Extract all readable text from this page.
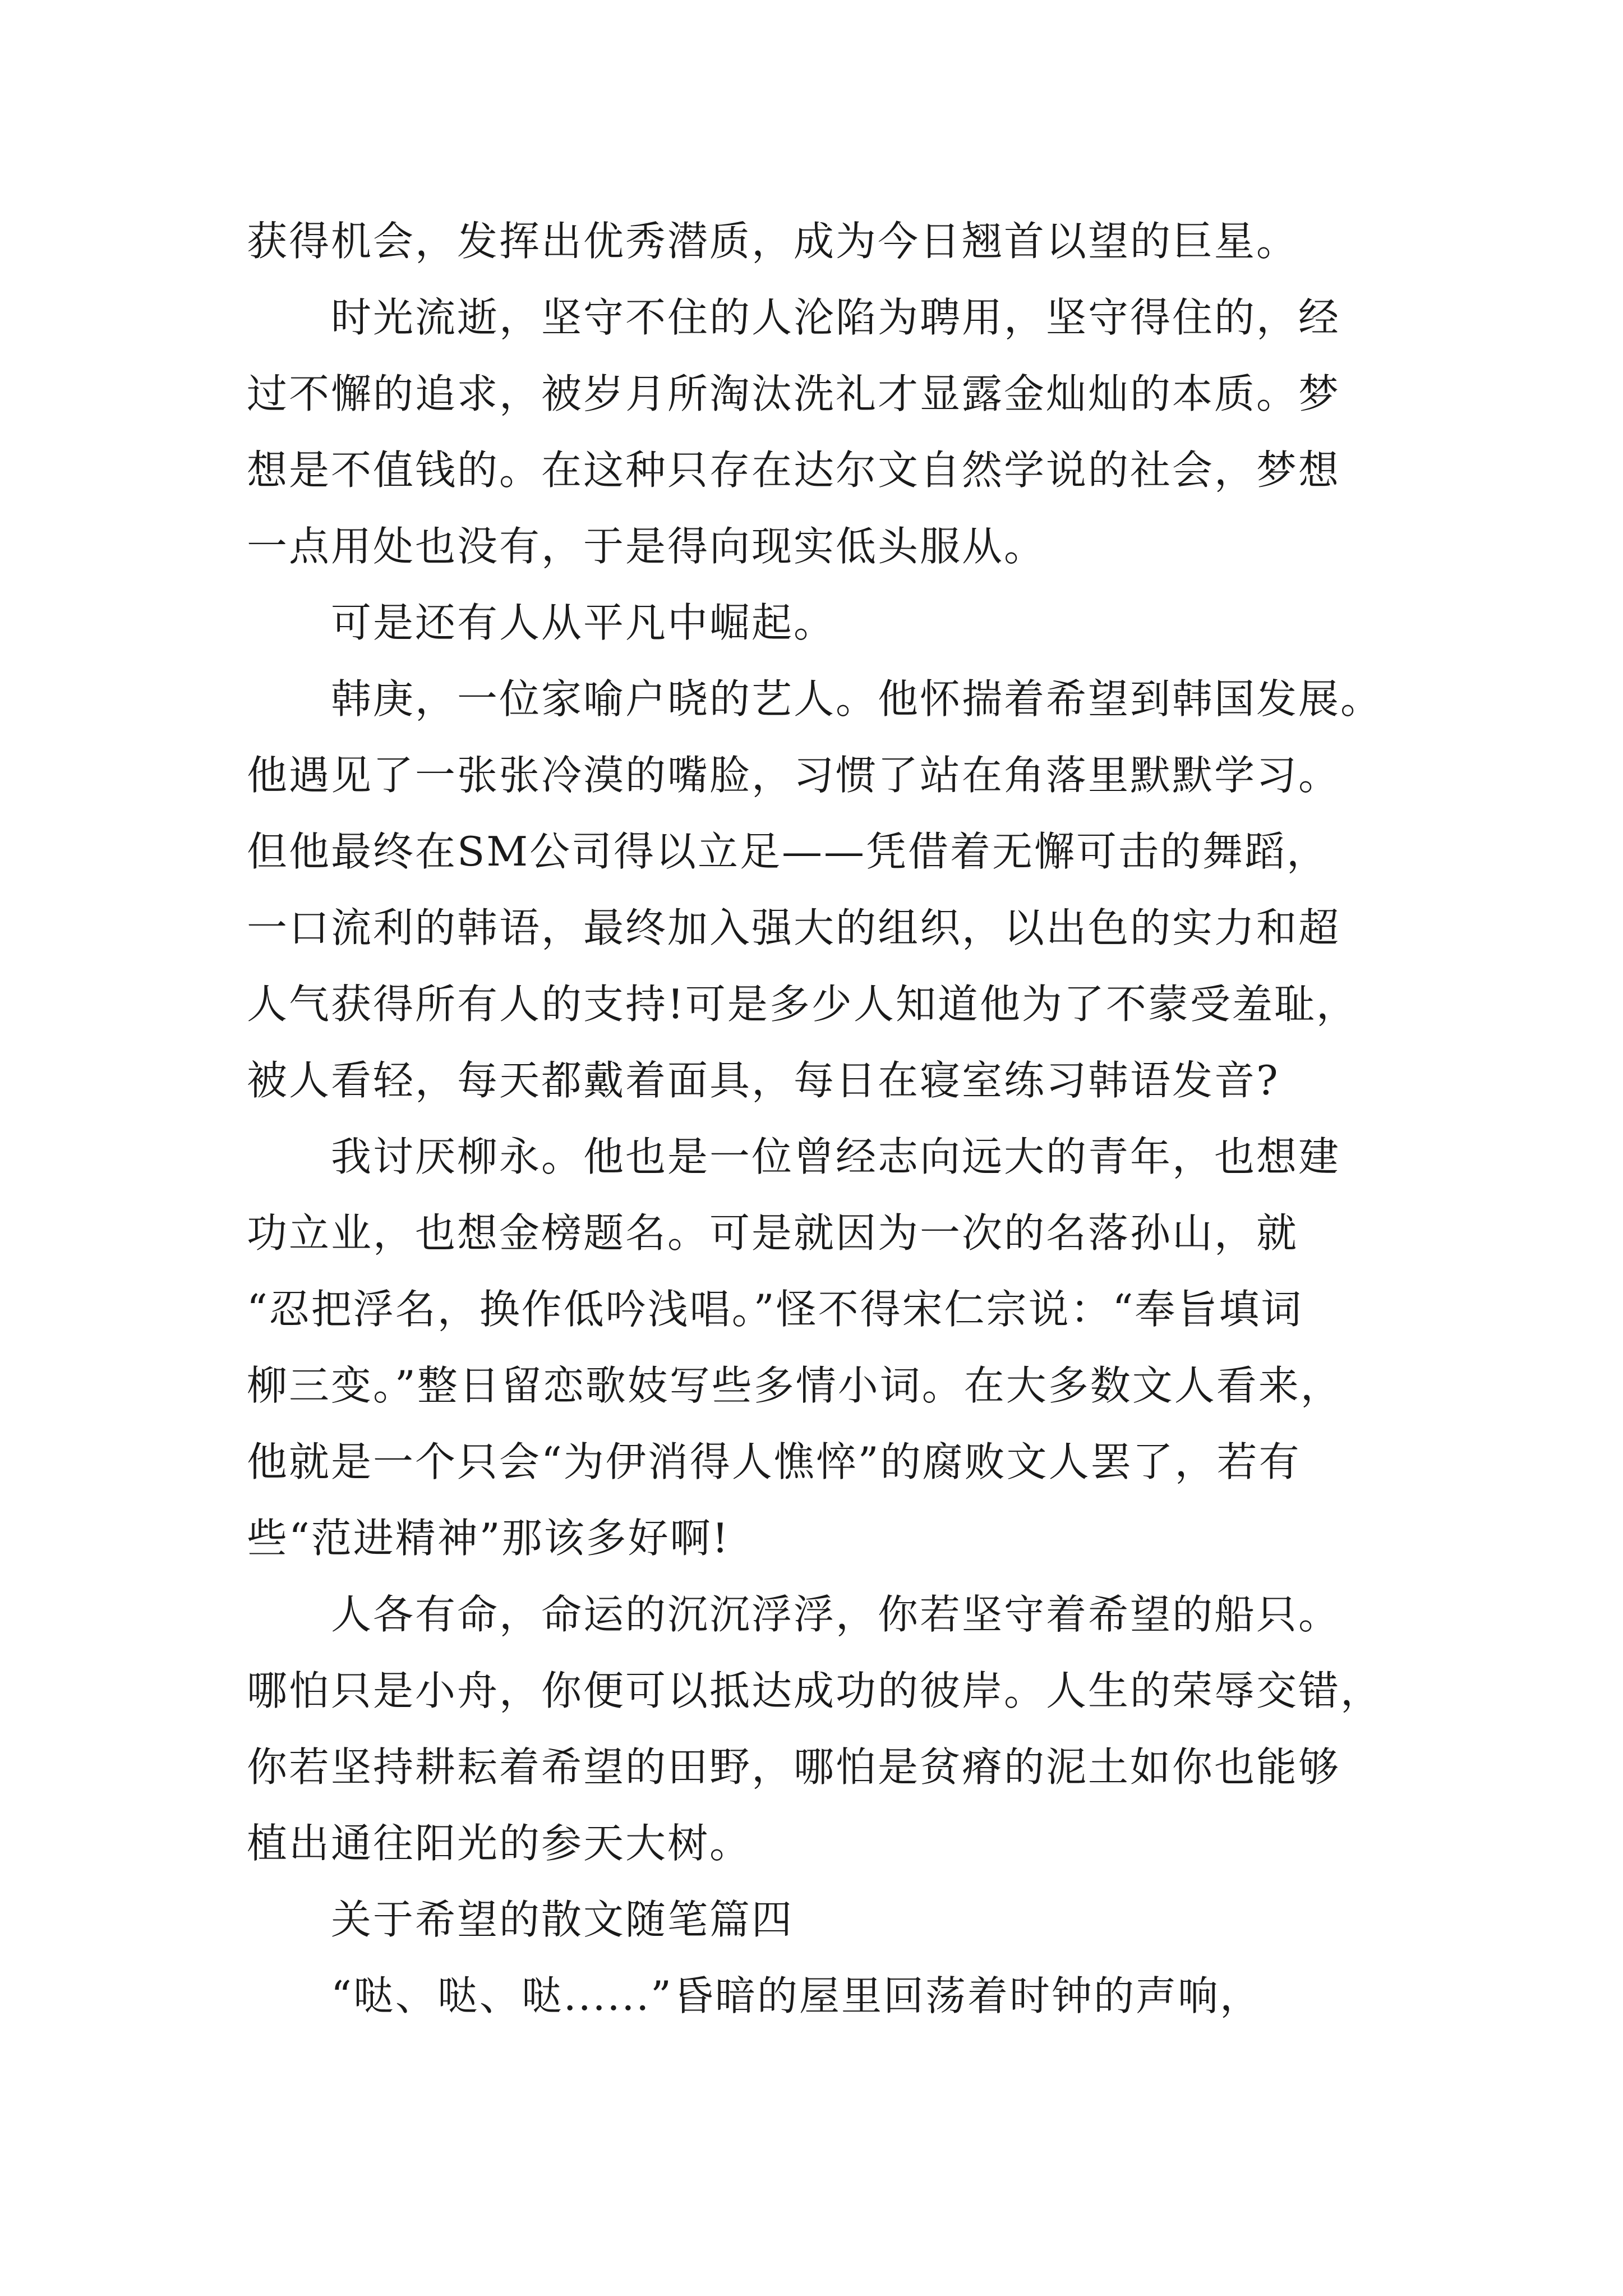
获得机会，发挥出优秀潜质，成为今日翘首以望的巨星。
时光流逝，坚守不住的人沦陷为聘用，坚守得住的，经
过不懈的追求，被岁月所淘汰洗礼才显露金灿灿的本质。梦
想是不值钱的。在这种只存在达尔文自然学说的社会，梦想
一点用处也没有，于是得向现实低头服从。
可是还有人从平凡中崛起。
韩庚，一位家喻户晓的艺人。他怀揣着希望到韩国发展。
他遇见了一张张冷漠的嘴脸，习惯了站在角落里默默学习。
但他最终在SM公司得以立足——凭借着无懈可击的舞蹈，
一口流利的韩语，最终加入强大的组织，以出色的实力和超
人气获得所有人的支持!可是多少人知道他为了不蒙受羞耻，
被人看轻，每天都戴着面具，每日在寝室练习韩语发音?
我讨厌柳永。他也是一位曾经志向远大的青年，也想建
功立业，也想金榜题名。可是就因为一次的名落孙山，就
“忍把浮名，换作低吟浅唱。”怪不得宋仁宗说：“奉旨填词
柳三变。”整日留恋歌妓写些多情小词。在大多数文人看来，
他就是一个只会“为伊消得人憔悴”的腐败文人罢了，若有
些“范进精神”那该多好啊!
人各有命，命运的沉沉浮浮，你若坚守着希望的船只。
哪怕只是小舟，你便可以抵达成功的彼岸。人生的荣辱交错，
你若坚持耕耘着希望的田野，哪怕是贫瘠的泥土如你也能够
植出通往阳光的参天大树。
关于希望的散文随笔篇四
“哒、哒、哒......”昏暗的屋里回荡着时钟的声响，
